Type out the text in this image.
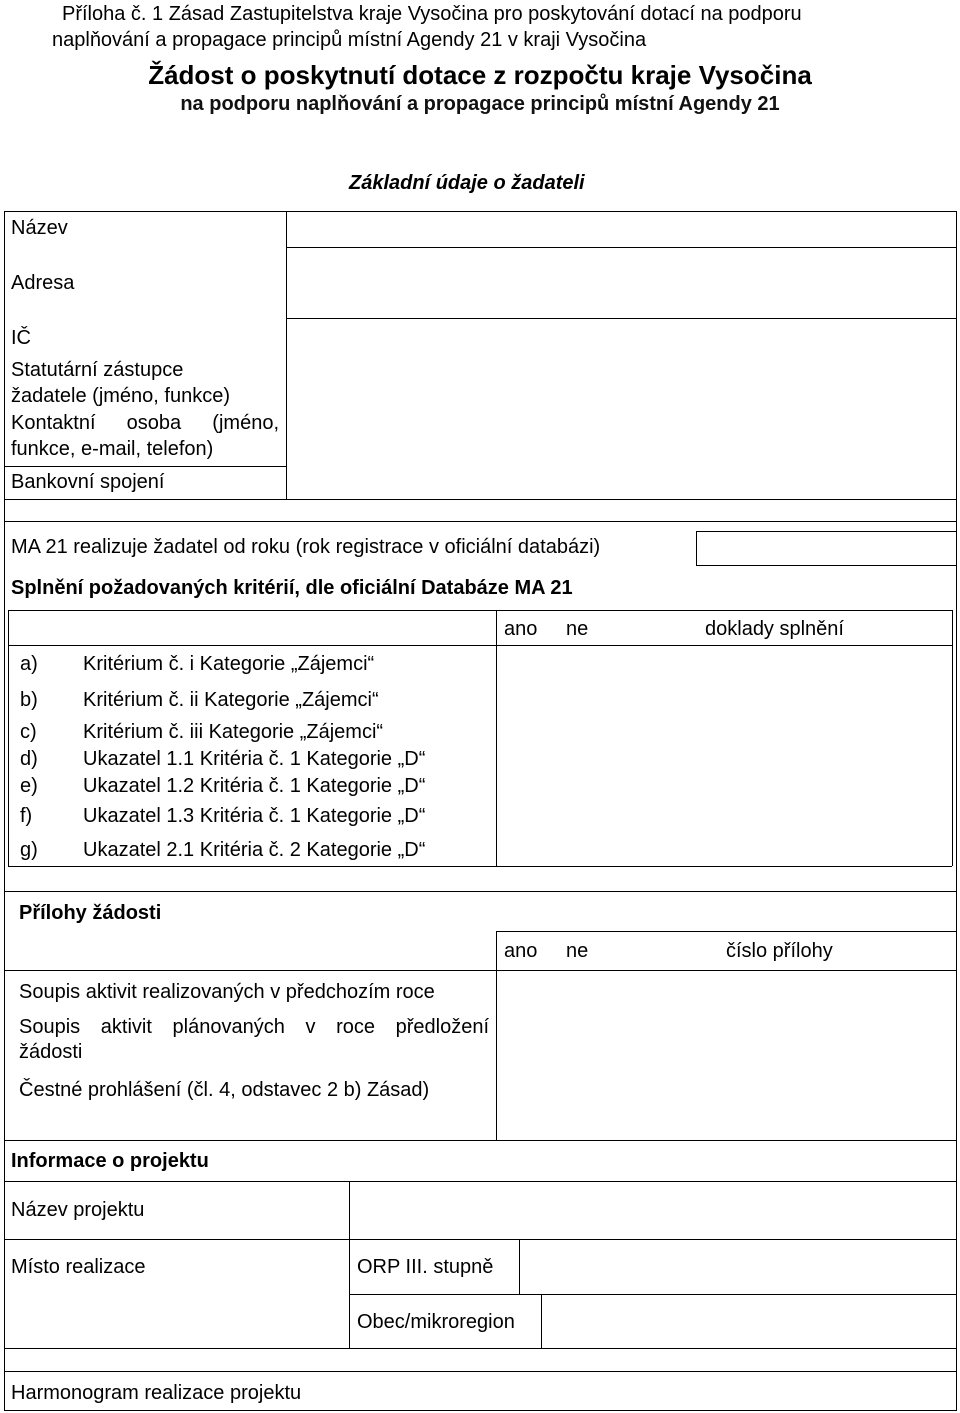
Příloha č. 1 Zásad Zastupitelstva kraje Vysočina pro poskytování dotací na podporu
naplňování a propagace principů místní Agendy 21 v kraji Vysočina
Žádost o poskytnutí dotace z rozpočtu kraje Vysočina
na podporu naplňování a propagace principů místní Agendy 21
Základní údaje o žadateli
Název
Adresa
IČ
Statutární zástupce
žadatele (jméno, funkce)
Kontaktní osoba (jméno,
funkce, e-mail, telefon)
Bankovní spojení
MA 21 realizuje žadatel od roku (rok registrace v oficiální databázi)
Splnění požadovaných kritérií, dle oficiální Databáze MA 21
ano ne	doklady splnění
a) Kritérium č. i Kategorie „Zájemci“
b) Kritérium č. ii Kategorie „Zájemci“
c) Kritérium č. iii Kategorie „Zájemci“
d) Ukazatel 1.1 Kritéria č. 1 Kategorie „D“
e) Ukazatel 1.2 Kritéria č. 1 Kategorie „D“
f)	Ukazatel 1.3 Kritéria č. 1 Kategorie „D“
g) Ukazatel 2.1 Kritéria č. 2 Kategorie „D“
Přílohy žádosti
ano ne	číslo přílohy
Soupis aktivit realizovaných v předchozím roce
Soupis aktivit plánovaných v roce předložení
žádosti
Čestné prohlášení (čl. 4, odstavec 2 b) Zásad)
Informace o projektu
Název projektu
Místo realizace	ORP III. stupně
Obec/mikroregion
Harmonogram realizace projektu
